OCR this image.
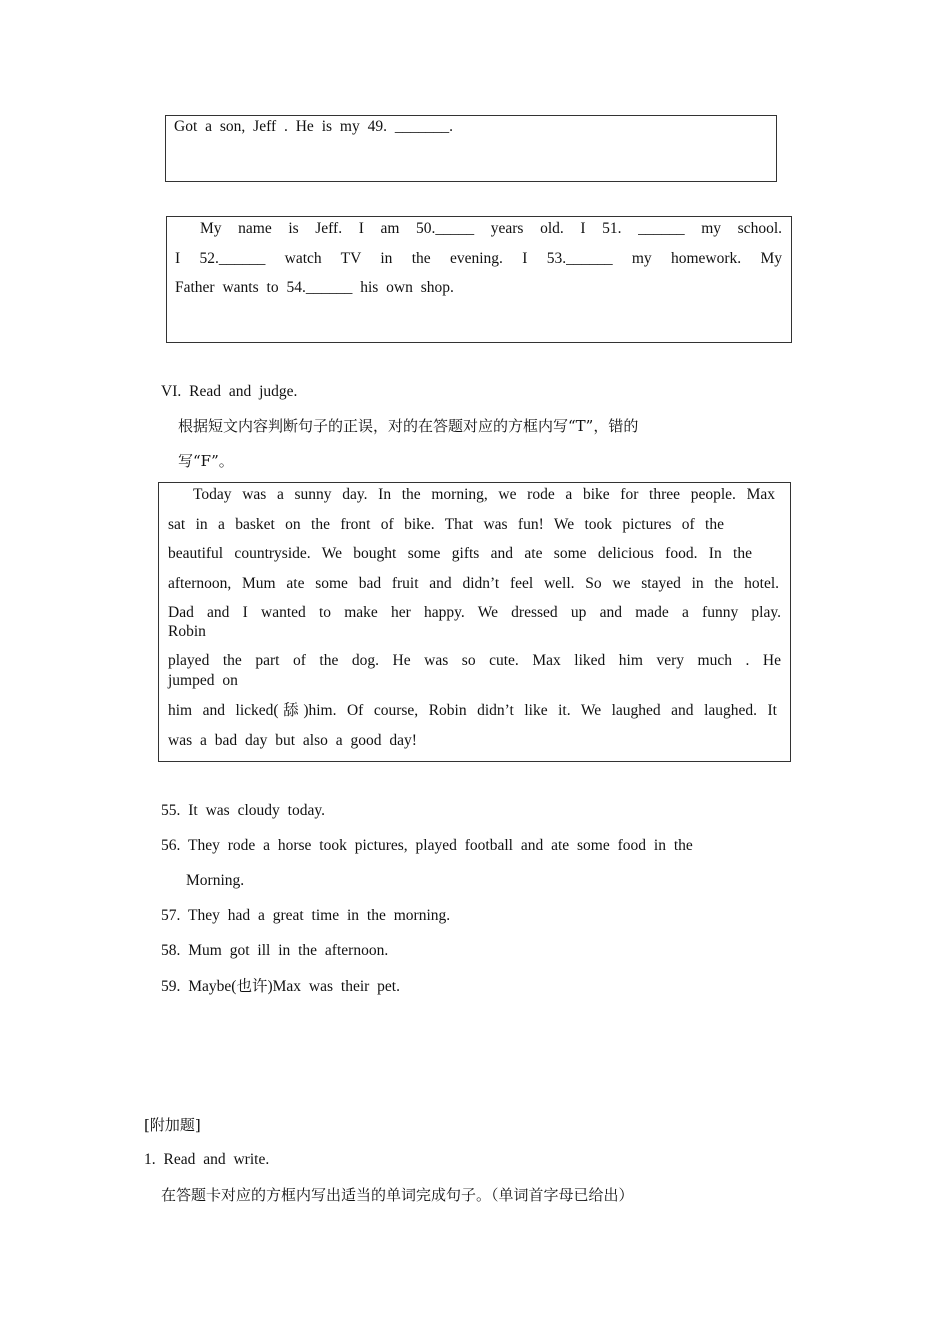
Got a son, Jeff . He is my 49. _______.
My name is Jeff. I am 50._____ years old. I 51. ______ my school.
I 52.______ watch TV in the evening. I 53.______ my homework. My
Father wants to 54.______ his own shop.
VI. Read and judge.
根据短文内容判断句子的正误，对的在答题对应的方框内写“T”，错的
写“F”。
Today was a sunny day. In the morning, we rode a bike for three people. Max
sat in a basket on the front of bike. That was fun! We took pictures of the
beautiful countryside. We bought some gifts and ate some delicious food. In the
afternoon, Mum ate some bad fruit and didn’t feel well. So we stayed in the hotel.
Dad and I wanted to make her happy. We dressed up and made a funny play.
Robin
played the part of the dog. He was so cute. Max liked him very much . He
jumped on
him and licked(舔)him. Of course, Robin didn’t like it. We laughed and laughed. It
was a bad day but also a good day!
55. It was cloudy today.
56. They rode a horse took pictures, played football and ate some food in the
Morning.
57. They had a great time in the morning.
58. Mum got ill in the afternoon.
59. Maybe(也许)Max was their pet.
[附加题]
1. Read and write.
在答题卡对应的方框内写出适当的单词完成句子。（单词首字母已给出）
